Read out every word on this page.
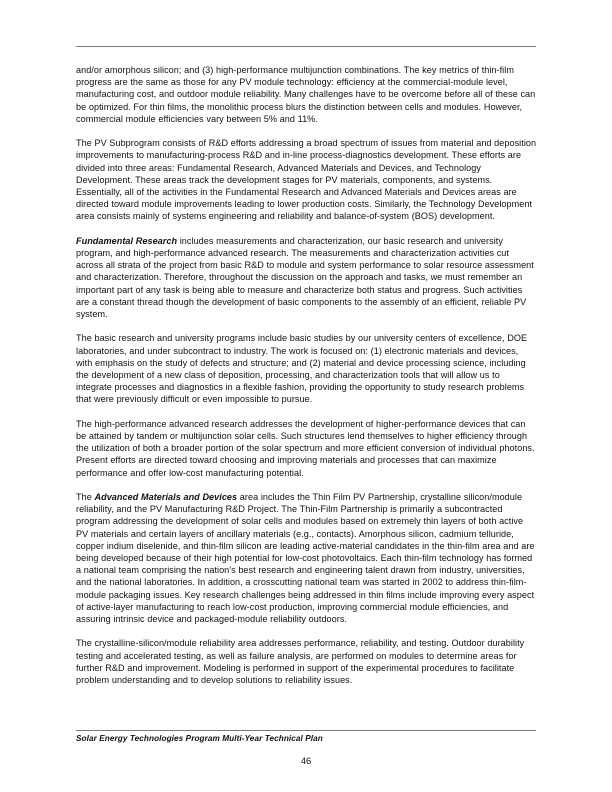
and/or amorphous silicon; and (3) high-performance multijunction combinations. The key metrics of thin-film progress are the same as those for any PV module technology: efficiency at the commercial-module level, manufacturing cost, and outdoor module reliability. Many challenges have to be overcome before all of these can be optimized. For thin films, the monolithic process blurs the distinction between cells and modules. However, commercial module efficiencies vary between 5% and 11%.

The PV Subprogram consists of R&D efforts addressing a broad spectrum of issues from material and deposition improvements to manufacturing-process R&D and in-line process-diagnostics development. These efforts are divided into three areas: Fundamental Research, Advanced Materials and Devices, and Technology Development. These areas track the development stages for PV materials, components, and systems. Essentially, all of the activities in the Fundamental Research and Advanced Materials and Devices areas are directed toward module improvements leading to lower production costs. Similarly, the Technology Development area consists mainly of systems engineering and reliability and balance-of-system (BOS) development.

Fundamental Research includes measurements and characterization, our basic research and university program, and high-performance advanced research. The measurements and characterization activities cut across all strata of the project from basic R&D to module and system performance to solar resource assessment and characterization. Therefore, throughout the discussion on the approach and tasks, we must remember an important part of any task is being able to measure and characterize both status and progress. Such activities are a constant thread though the development of basic components to the assembly of an efficient, reliable PV system.

The basic research and university programs include basic studies by our university centers of excellence, DOE laboratories, and under subcontract to industry. The work is focused on: (1) electronic materials and devices, with emphasis on the study of defects and structure; and (2) material and device processing science, including the development of a new class of deposition, processing, and characterization tools that will allow us to integrate processes and diagnostics in a flexible fashion, providing the opportunity to study research problems that were previously difficult or even impossible to pursue.

The high-performance advanced research addresses the development of higher-performance devices that can be attained by tandem or multijunction solar cells. Such structures lend themselves to higher efficiency through the utilization of both a broader portion of the solar spectrum and more efficient conversion of individual photons. Present efforts are directed toward choosing and improving materials and processes that can maximize performance and offer low-cost manufacturing potential.

The Advanced Materials and Devices area includes the Thin Film PV Partnership, crystalline silicon/module reliability, and the PV Manufacturing R&D Project. The Thin-Film Partnership is primarily a subcontracted program addressing the development of solar cells and modules based on extremely thin layers of both active PV materials and certain layers of ancillary materials (e.g., contacts). Amorphous silicon, cadmium telluride, copper indium diselenide, and thin-film silicon are leading active-material candidates in the thin-film area and are being developed because of their high potential for low-cost photovoltaics. Each thin-film technology has formed a national team comprising the nation's best research and engineering talent drawn from industry, universities, and the national laboratories. In addition, a crosscutting national team was started in 2002 to address thin-film-module packaging issues. Key research challenges being addressed in thin films include improving every aspect of active-layer manufacturing to reach low-cost production, improving commercial module efficiencies, and assuring intrinsic device and packaged-module reliability outdoors.

The crystalline-silicon/module reliability area addresses performance, reliability, and testing. Outdoor durability testing and accelerated testing, as well as failure analysis, are performed on modules to determine areas for further R&D and improvement. Modeling is performed in support of the experimental procedures to facilitate problem understanding and to develop solutions to reliability issues.

Solar Energy Technologies Program Multi-Year Technical Plan
46
